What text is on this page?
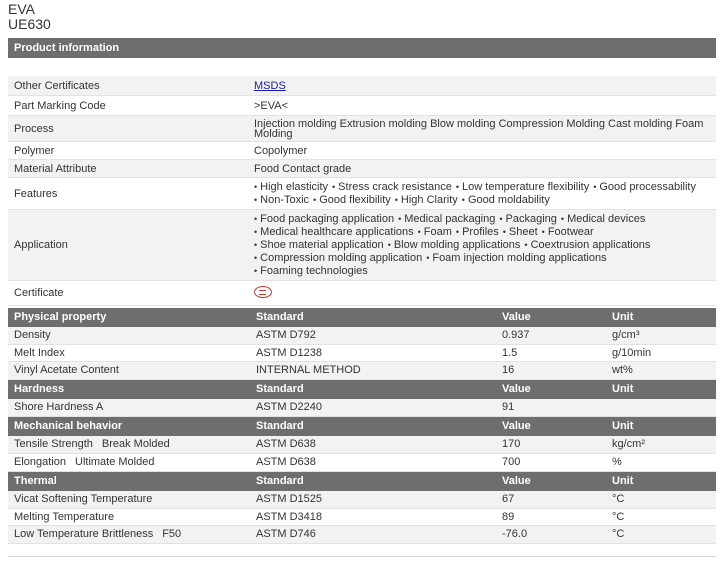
EVA
UE630
Product information
Other Certificates	MSDS
Part Marking Code	>EVA<
Process	Injection molding Extrusion molding Blow molding Compression Molding Cast molding Foam
Molding
Polymer	Copolymer
Material Attribute	Food Contact grade
Features
• High elasticity • Stress crack resistance • Low temperature flexibility • Good processability
• Non-Toxic • Good flexibility • High Clarity • Good moldability
Application
• Food packaging application • Medical packaging • Packaging • Medical devices
• Medical healthcare applications • Foam • Profiles • Sheet • Footwear
• Shoe material application • Blow molding applications • Coextrusion applications
• Compression molding application • Foam injection molding applications
• Foaming technologies
Certificate
Physical property	Standard	Value	Unit
Density	ASTM D792	0.937	g/cm³
Melt Index	ASTM D1238	1.5	g/10min
Vinyl Acetate Content	INTERNAL METHOD	16	wt%
Hardness	Standard	Value	Unit
Shore Hardness A	ASTM D2240	91
Mechanical behavior	Standard	Value	Unit
Tensile Strength Break Molded	ASTM D638	170	kg/cm²
Elongation Ultimate Molded	ASTM D638	700	%
Thermal	Standard	Value	Unit
Vicat Softening Temperature	ASTM D1525	67	°C
Melting Temperature	ASTM D3418	89	°C
Low Temperature Brittleness F50	ASTM D746	-76.0	°C
